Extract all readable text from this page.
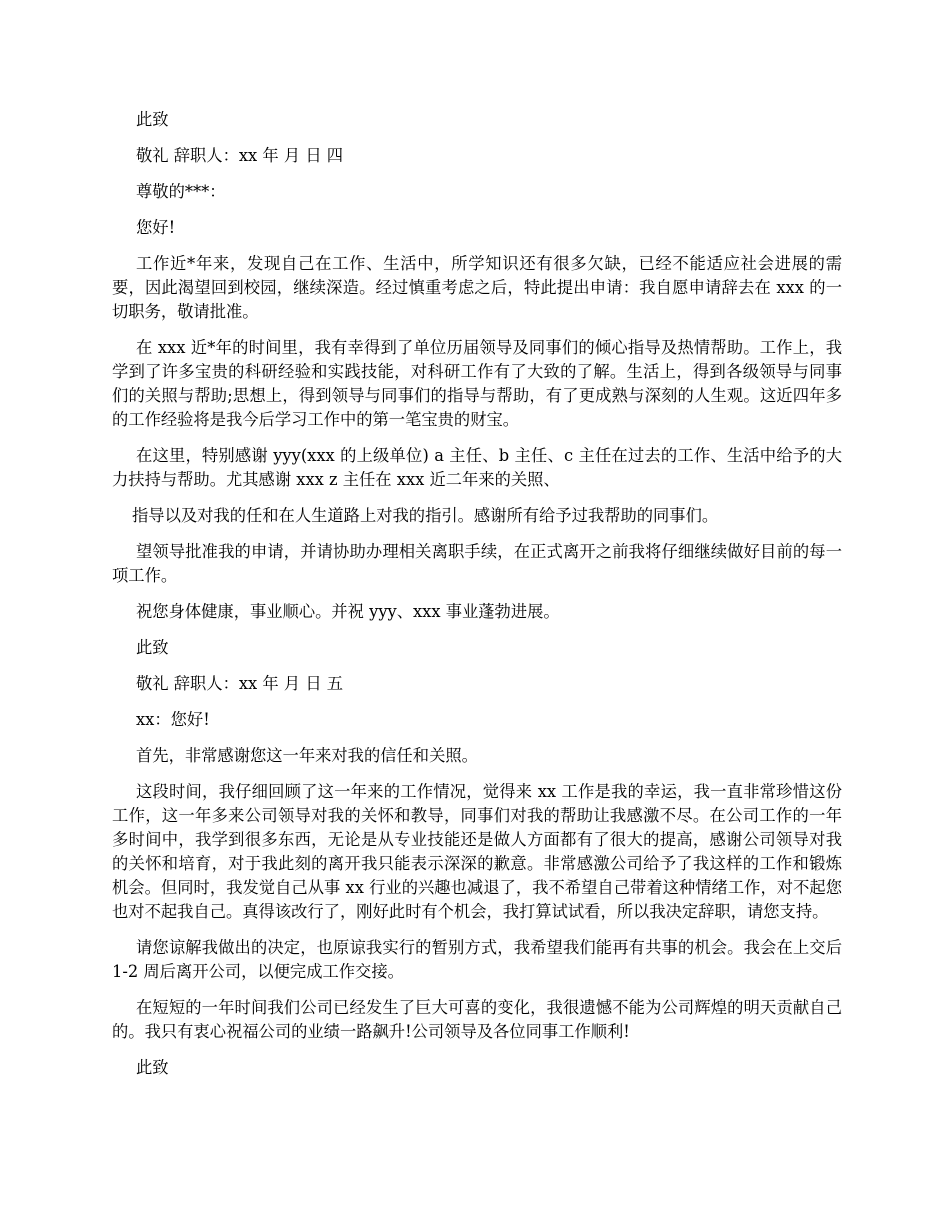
此致

敬礼 辞职人：xx 年 月 日 四

尊敬的***：

您好!

工作近*年来，发现自己在工作、生活中，所学知识还有很多欠缺，已经不能适应社会进展的需要，因此渴望回到校园，继续深造。经过慎重考虑之后，特此提出申请：我自愿申请辞去在 xxx 的一切职务，敬请批准。

在 xxx 近*年的时间里，我有幸得到了单位历届领导及同事们的倾心指导及热情帮助。工作上，我学到了许多宝贵的科研经验和实践技能，对科研工作有了大致的了解。生活上，得到各级领导与同事们的关照与帮助;思想上，得到领导与同事们的指导与帮助，有了更成熟与深刻的人生观。这近四年多的工作经验将是我今后学习工作中的第一笔宝贵的财宝。

在这里，特别感谢 yyy(xxx 的上级单位) a 主任、b 主任、c 主任在过去的工作、生活中给予的大力扶持与帮助。尤其感谢 xxx z 主任在 xxx 近二年来的关照、

指导以及对我的任和在人生道路上对我的指引。感谢所有给予过我帮助的同事们。

望领导批准我的申请，并请协助办理相关离职手续，在正式离开之前我将仔细继续做好目前的每一项工作。

祝您身体健康，事业顺心。并祝 yyy、xxx 事业蓬勃进展。

此致

敬礼 辞职人：xx 年 月 日 五

xx：您好!

首先，非常感谢您这一年来对我的信任和关照。

这段时间，我仔细回顾了这一年来的工作情况，觉得来 xx 工作是我的幸运，我一直非常珍惜这份工作，这一年多来公司领导对我的关怀和教导，同事们对我的帮助让我感激不尽。在公司工作的一年多时间中，我学到很多东西，无论是从专业技能还是做人方面都有了很大的提高，感谢公司领导对我的关怀和培育，对于我此刻的离开我只能表示深深的歉意。非常感激公司给予了我这样的工作和锻炼机会。但同时，我发觉自己从事 xx 行业的兴趣也减退了，我不希望自己带着这种情绪工作，对不起您也对不起我自己。真得该改行了，刚好此时有个机会，我打算试试看，所以我决定辞职，请您支持。

请您谅解我做出的决定，也原谅我实行的暂别方式，我希望我们能再有共事的机会。我会在上交后 1-2 周后离开公司，以便完成工作交接。

在短短的一年时间我们公司已经发生了巨大可喜的变化，我很遗憾不能为公司辉煌的明天贡献自己的。我只有衷心祝福公司的业绩一路飙升!公司领导及各位同事工作顺利!

此致
